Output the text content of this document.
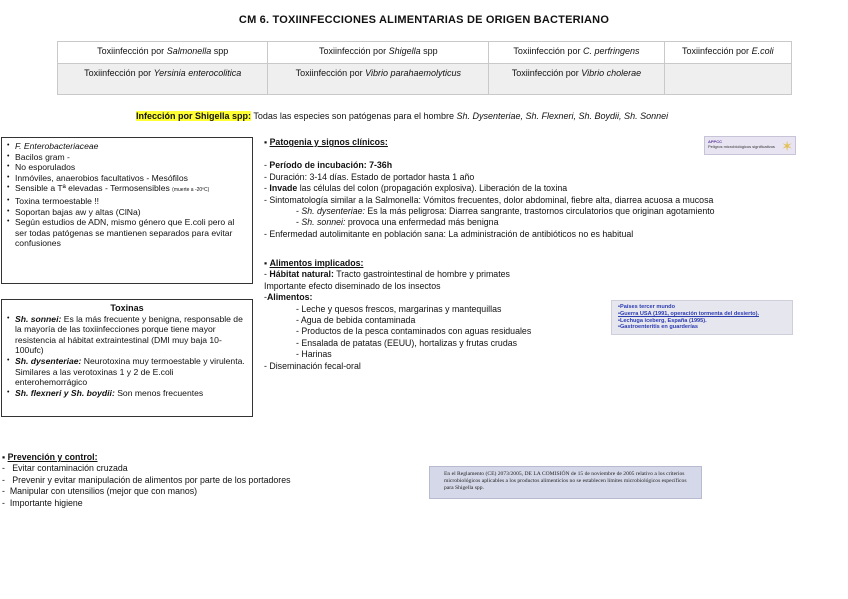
CM 6. TOXIINFECCIONES ALIMENTARIAS DE ORIGEN BACTERIANO
Toxiinfección por Salmonella spp	Toxiinfección por Shigella spp	Toxiinfección por C. perfringens	Toxiinfección por E.coli
Toxiinfección por Yersinia enterocolitica	Toxiinfección por Vibrio parahaemolyticus	Toxiinfección por Vibrio cholerae	
Infección por Shigella spp: Todas las especies son patógenas para el hombre Sh. Dysenteriae, Sh. Flexneri, Sh. Boydii, Sh. Sonnei
• F. Enterobacteriaceae
• Bacilos gram -
• No esporulados
• Inmóviles, anaerobios facultativos - Mesófilos
• Sensible a Tª elevadas - Termosensibles (muerte a -20ºC)
• Toxina termoestable !!
• Soportan bajas aw y altas (ClNa)
• Según estudios de ADN, mismo género que E.coli pero al ser todas patógenas se mantienen separados para evitar confusiones
Toxinas
• Sh. sonnei: Es la más frecuente y benigna, responsable de la mayoría de las toxiinfecciones porque tiene mayor resistencia al hábitat extraintestinal (DMI muy baja 10-100ufc)
• Sh. dysenteriae: Neurotoxina muy termoestable y virulenta. Similares a las verotoxinas 1 y 2 de E.coli enterohemorrágico
• Sh. flexneri y Sh. boydii: Son menos frecuentes
▪ Patogenia y signos clínicos:
- Período de incubación: 7-36h
- Duración: 3-14 días. Estado de portador hasta 1 año
- Invade las células del colon (propagación explosiva). Liberación de la toxina
- Sintomatología similar a la Salmonella: Vómitos frecuentes, dolor abdominal, fiebre alta, diarrea acuosa a mucosa
- Sh. dysenteriae: Es la más peligrosa: Diarrea sangrante, trastornos circulatorios que originan agotamiento
- Sh. sonnei: provoca una enfermedad más benigna
- Enfermedad autolimitante en población sana: La administración de antibióticos no es habitual
▪ Alimentos implicados:
- Hábitat natural: Tracto gastrointestinal de hombre y primates
Importante efecto diseminado de los insectos
-Alimentos:
- Leche y quesos frescos, margarinas y mantequillas
- Agua de bebida contaminada
- Productos de la pesca contaminados con aguas residuales
- Ensalada de patatas (EEUU), hortalizas y frutas crudas
- Harinas
- Diseminación fecal-oral
▪ Prevención y control:
-   Evitar contaminación cruzada
-   Prevenir y evitar manipulación de alimentos por parte de los portadores
-  Manipular con utensilios (mejor que con manos)
-  Importante higiene
•Países tercer mundo
•Guerra USA (1991, operación tormenta del desierto).
•Lechuga iceberg, España (1995).
•Gastroenteritis en guarderías
En el Reglamento (CE) 2073/2005, DE LA COMISIÓN de 15 de noviembre de 2005 relativo a los criterios microbiológicos aplicables a los productos alimenticios no se establecen límites microbiológicos específicos para Shigella spp.
APPCC
Peligros microbiológicos significativos ✶
